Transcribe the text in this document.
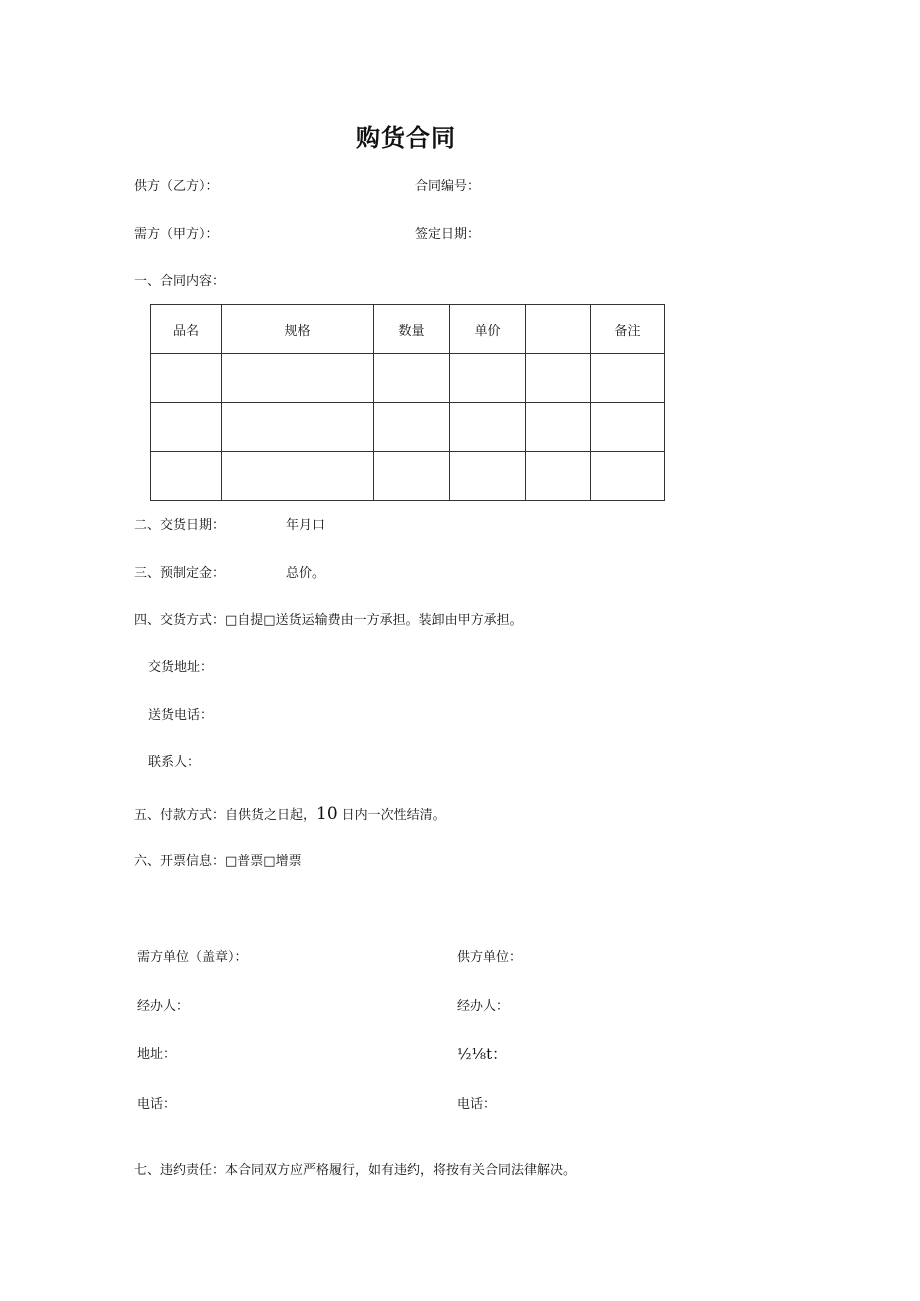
购货合同
供方（乙方）：	合同编号：
需方（甲方）：	签定日期：
一、合同内容：
品名	规格	数量	单价		备注

二、交货日期：	年月口
三、预制定金：	总价。
四、交货方式：□自提□送货运输费由一方承担。装卸由甲方承担。
交货地址：
送货电话：
联系人：
五、付款方式：自供货之日起，10 日内一次性结清。
六、开票信息：□普票□增票
需方单位（盖章）：	供方单位：
经办人：	经办人：
地址：	½⅛t：
电话：	电话：
七、违约责任：本合同双方应严格履行，如有违约，将按有关合同法律解决。
